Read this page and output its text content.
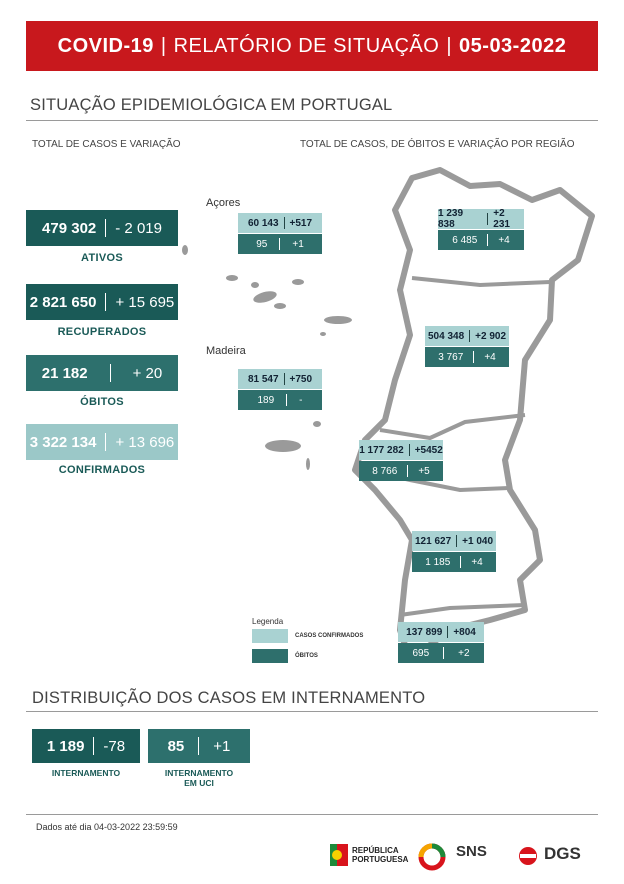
COVID-19 | RELATÓRIO DE SITUAÇÃO | 05-03-2022
SITUAÇÃO EPIDEMIOLÓGICA EM PORTUGAL
TOTAL DE CASOS E VARIAÇÃO	TOTAL DE CASOS, DE ÓBITOS E VARIAÇÃO POR REGIÃO
479 302 - 2 019
ATIVOS
2 821 650 + 15 695
RECUPERADOS
21 182	+ 20
ÓBITOS
3 322 134 + 13 696
CONFIRMADOS
Açores
Madeira
60 143 +517
95	+1
1 239 838
+2 231
6 485 +4
504 348 +2 902
3 767 +4
81 547 +750
189	-
1 177 282 +5452
8 766 +5
121 627 +1 040
1 185 +4
137 899 +804
695	+2
Legenda
CASOS CONFIRMADOS
ÓBITOS
DISTRIBUIÇÃO DOS CASOS EM INTERNAMENTO
1 189 -78
INTERNAMENTO
85 +1
INTERNAMENTO
EM UCI
Dados até dia 04-03-2022 23:59:59
REPÚBLICA
PORTUGUESA	SNS	DGS
